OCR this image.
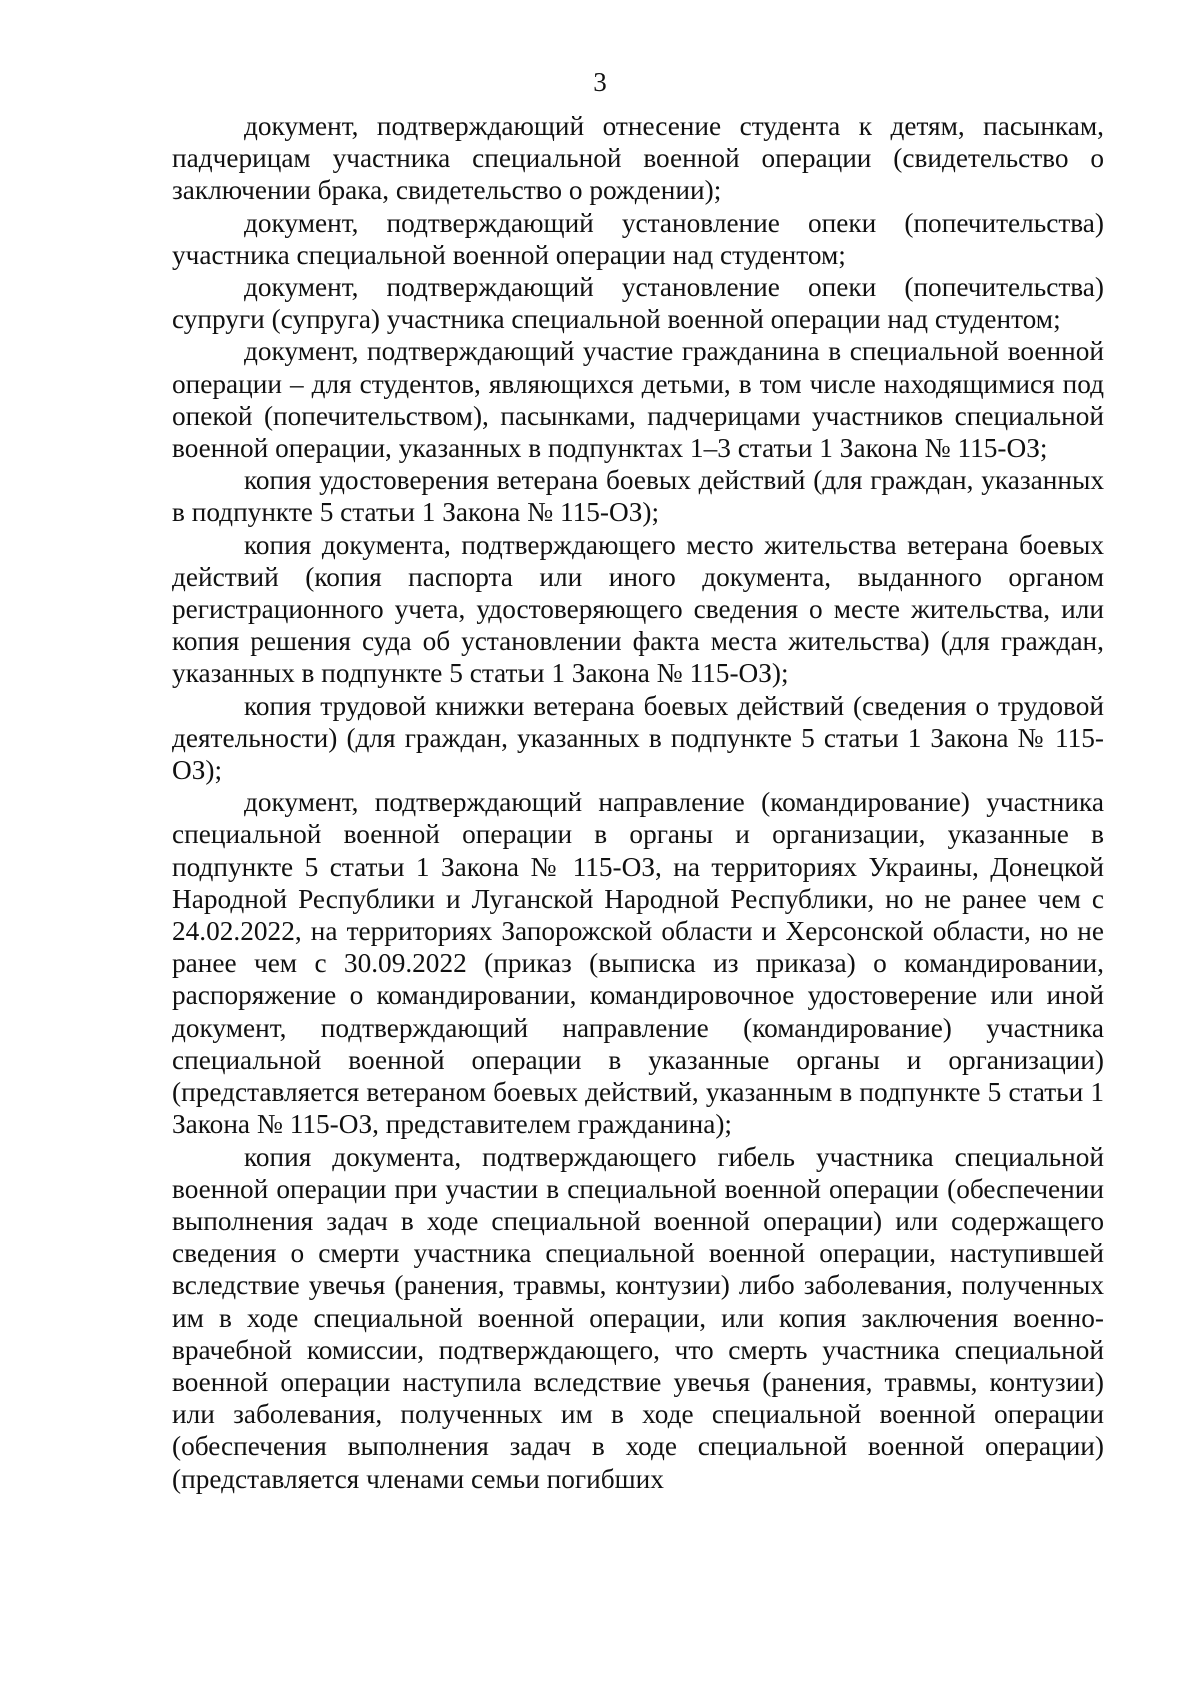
3

документ, подтверждающий отнесение студента к детям, пасынкам, падчерицам участника специальной военной операции (свидетельство о заключении брака, свидетельство о рождении);

документ, подтверждающий установление опеки (попечительства) участника специальной военной операции над студентом;

документ, подтверждающий установление опеки (попечительства) супруги (супруга) участника специальной военной операции над студентом;

документ, подтверждающий участие гражданина в специальной военной операции – для студентов, являющихся детьми, в том числе находящимися под опекой (попечительством), пасынками, падчерицами участников специальной военной операции, указанных в подпунктах 1–3 статьи 1 Закона № 115-ОЗ;

копия удостоверения ветерана боевых действий (для граждан, указанных в подпункте 5 статьи 1 Закона № 115-ОЗ);

копия документа, подтверждающего место жительства ветерана боевых действий (копия паспорта или иного документа, выданного органом регистрационного учета, удостоверяющего сведения о месте жительства, или копия решения суда об установлении факта места жительства) (для граждан, указанных в подпункте 5 статьи 1 Закона № 115-ОЗ);

копия трудовой книжки ветерана боевых действий (сведения о трудовой деятельности) (для граждан, указанных в подпункте 5 статьи 1 Закона № 115-ОЗ);

документ, подтверждающий направление (командирование) участника специальной военной операции в органы и организации, указанные в подпункте 5 статьи 1 Закона № 115-ОЗ, на территориях Украины, Донецкой Народной Республики и Луганской Народной Республики, но не ранее чем с 24.02.2022, на территориях Запорожской области и Херсонской области, но не ранее чем с 30.09.2022 (приказ (выписка из приказа) о командировании, распоряжение о командировании, командировочное удостоверение или иной документ, подтверждающий направление (командирование) участника специальной военной операции в указанные органы и организации) (представляется ветераном боевых действий, указанным в подпункте 5 статьи 1 Закона № 115-ОЗ, представителем гражданина);

копия документа, подтверждающего гибель участника специальной военной операции при участии в специальной военной операции (обеспечении выполнения задач в ходе специальной военной операции) или содержащего сведения о смерти участника специальной военной операции, наступившей вследствие увечья (ранения, травмы, контузии) либо заболевания, полученных им в ходе специальной военной операции, или копия заключения военно-врачебной комиссии, подтверждающего, что смерть участника специальной военной операции наступила вследствие увечья (ранения, травмы, контузии) или заболевания, полученных им в ходе специальной военной операции (обеспечения выполнения задач в ходе специальной военной операции) (представляется членами семьи погибших
